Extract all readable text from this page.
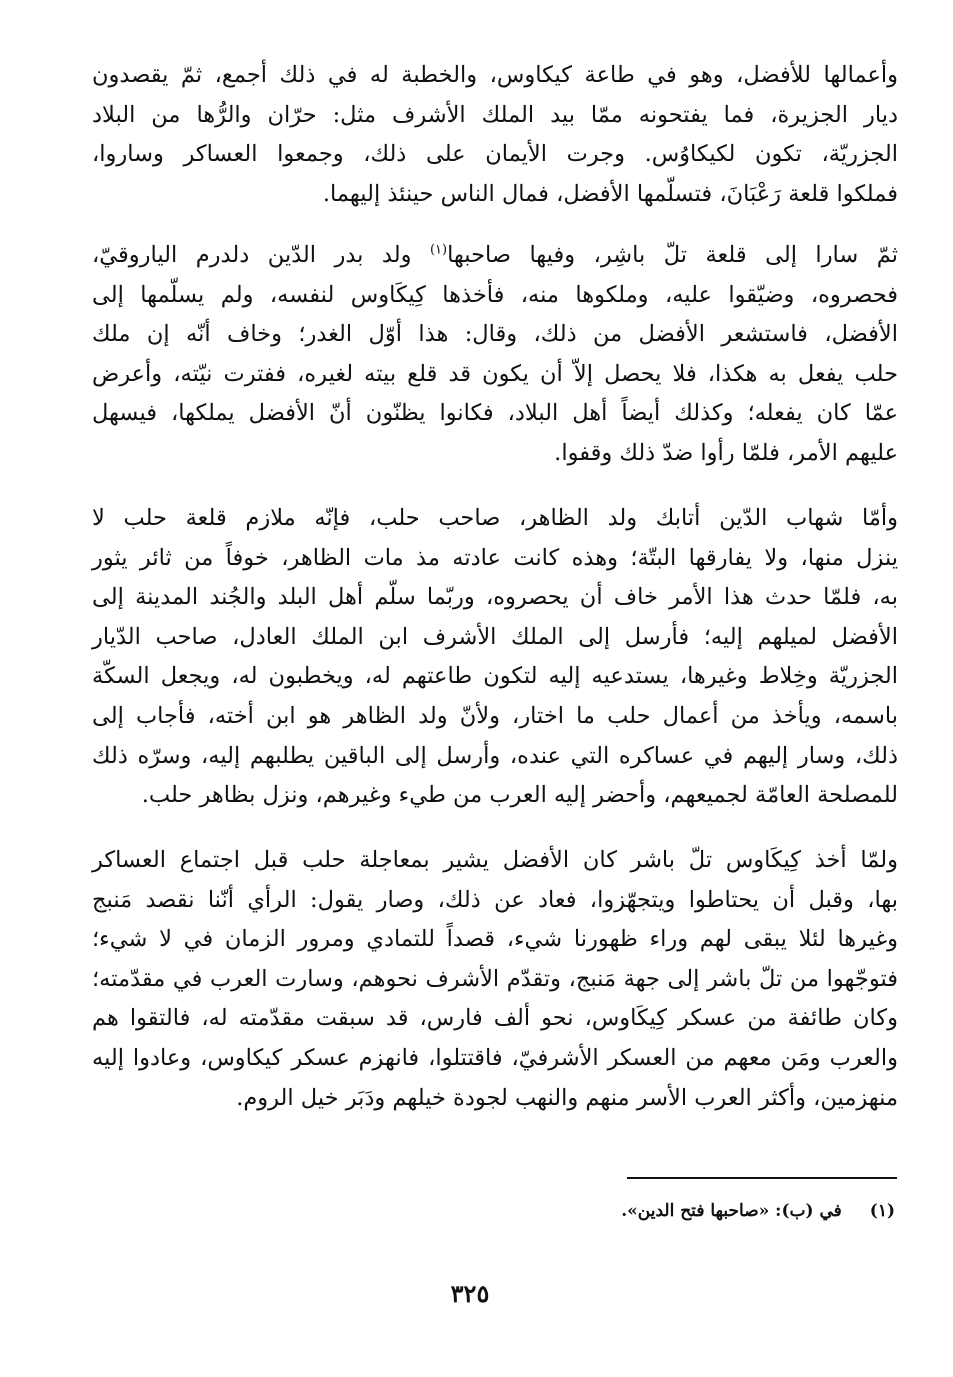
وأعمالها للأفضل، وهو في طاعة كيكاوس، والخطبة له في ذلك أجمع، ثمّ يقصدون
ديار الجزيرة، فما يفتحونه ممّا بيد الملك الأشرف مثل: حرّان والرُّها من البلاد
الجزريّة، تكون لكيكاوُس. وجرت الأيمان على ذلك، وجمعوا العساكر وساروا،
فملكوا قلعة رَعْبَانَ، فتسلّمها الأفضل، فمال الناس حينئذ إليهما.
ثمّ سارا إلى قلعة تلّ باشِر، وفيها صاحبها$^{(١)}$ ولد بدر الدّين دلدرم الياروقيّ،
فحصروه، وضيّقوا عليه، وملكوها منه، فأخذها كِيكَاوس لنفسه، ولم يسلّمها إلى
الأفضل، فاستشعر الأفضل من ذلك، وقال: هذا أوّل الغدر؛ وخاف أنّه إن ملك
حلب يفعل به هكذا، فلا يحصل إلاّ أن يكون قد قلع بيته لغيره، ففترت نيّته، وأعرض
عمّا كان يفعله؛ وكذلك أيضاً أهل البلاد، فكانوا يظنّون أنّ الأفضل يملكها، فيسهل
عليهم الأمر، فلمّا رأوا ضدّ ذلك وقفوا.
وأمّا شهاب الدّين أتابك ولد الظاهر، صاحب حلب، فإنّه ملازم قلعة حلب لا
ينزل منها، ولا يفارقها البتّة؛ وهذه كانت عادته مذ مات الظاهر، خوفاً من ثائر يثور
به، فلمّا حدث هذا الأمر خاف أن يحصروه، وربّما سلّم أهل البلد والجُند المدينة إلى
الأفضل لميلهم إليه؛ فأرسل إلى الملك الأشرف ابن الملك العادل، صاحب الدّيار
الجزريّة وخِلاط وغيرها، يستدعيه إليه لتكون طاعتهم له، ويخطبون له، ويجعل السكّة
باسمه، ويأخذ من أعمال حلب ما اختار، ولأنّ ولد الظاهر هو ابن أخته، فأجاب إلى
ذلك، وسار إليهم في عساكره التي عنده، وأرسل إلى الباقين يطلبهم إليه، وسرّه ذلك
للمصلحة العامّة لجميعهم، وأحضر إليه العرب من طيء وغيرهم، ونزل بظاهر حلب.
ولمّا أخذ كِيكَاوس تلّ باشر كان الأفضل يشير بمعاجلة حلب قبل اجتماع العساكر
بها، وقبل أن يحتاطوا ويتجهّزوا، فعاد عن ذلك، وصار يقول: الرأي أنّنا نقصد مَنبج
وغيرها لئلا يبقى لهم وراء ظهورنا شيء، قصداً للتمادي ومرور الزمان في لا شيء؛
فتوجّهوا من تلّ باشر إلى جهة مَنبج، وتقدّم الأشرف نحوهم، وسارت العرب في مقدّمته؛
وكان طائفة من عسكر كِيكَاوس، نحو ألف فارس، قد سبقت مقدّمته له، فالتقوا هم
والعرب ومَن معهم من العسكر الأشرفيّ، فاقتتلوا، فانهزم عسكر كيكاوس، وعادوا إليه
منهزمين، وأكثر العرب الأسر منهم والنهب لجودة خيلهم ودَبَر خيل الروم.
(١)في (ب): «صاحبها فتح الدين».
٣٢٥
